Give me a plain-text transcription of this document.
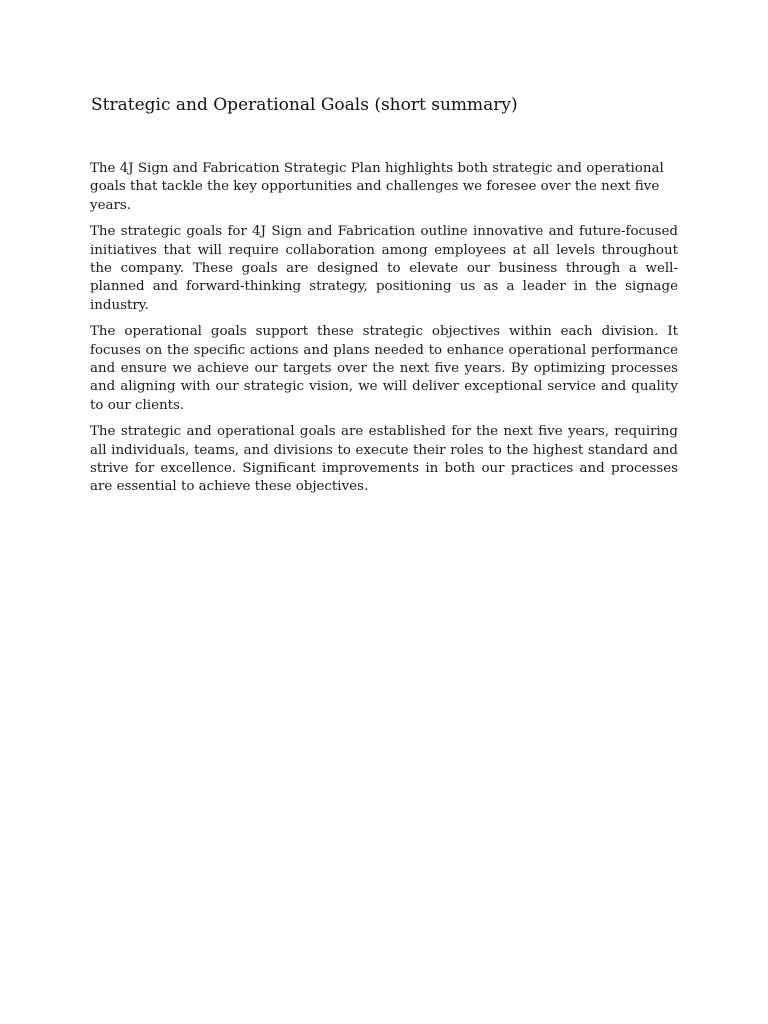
Strategic and Operational Goals (short summary)

The 4J Sign and Fabrication Strategic Plan highlights both strategic and operational goals that tackle the key opportunities and challenges we foresee over the next five years.

The strategic goals for 4J Sign and Fabrication outline innovative and future-focused initiatives that will require collaboration among employees at all levels throughout the company. These goals are designed to elevate our business through a well-planned and forward-thinking strategy, positioning us as a leader in the signage industry.

The operational goals support these strategic objectives within each division. It focuses on the specific actions and plans needed to enhance operational performance and ensure we achieve our targets over the next five years. By optimizing processes and aligning with our strategic vision, we will deliver exceptional service and quality to our clients.

The strategic and operational goals are established for the next five years, requiring all individuals, teams, and divisions to execute their roles to the highest standard and strive for excellence. Significant improvements in both our practices and processes are essential to achieve these objectives.
